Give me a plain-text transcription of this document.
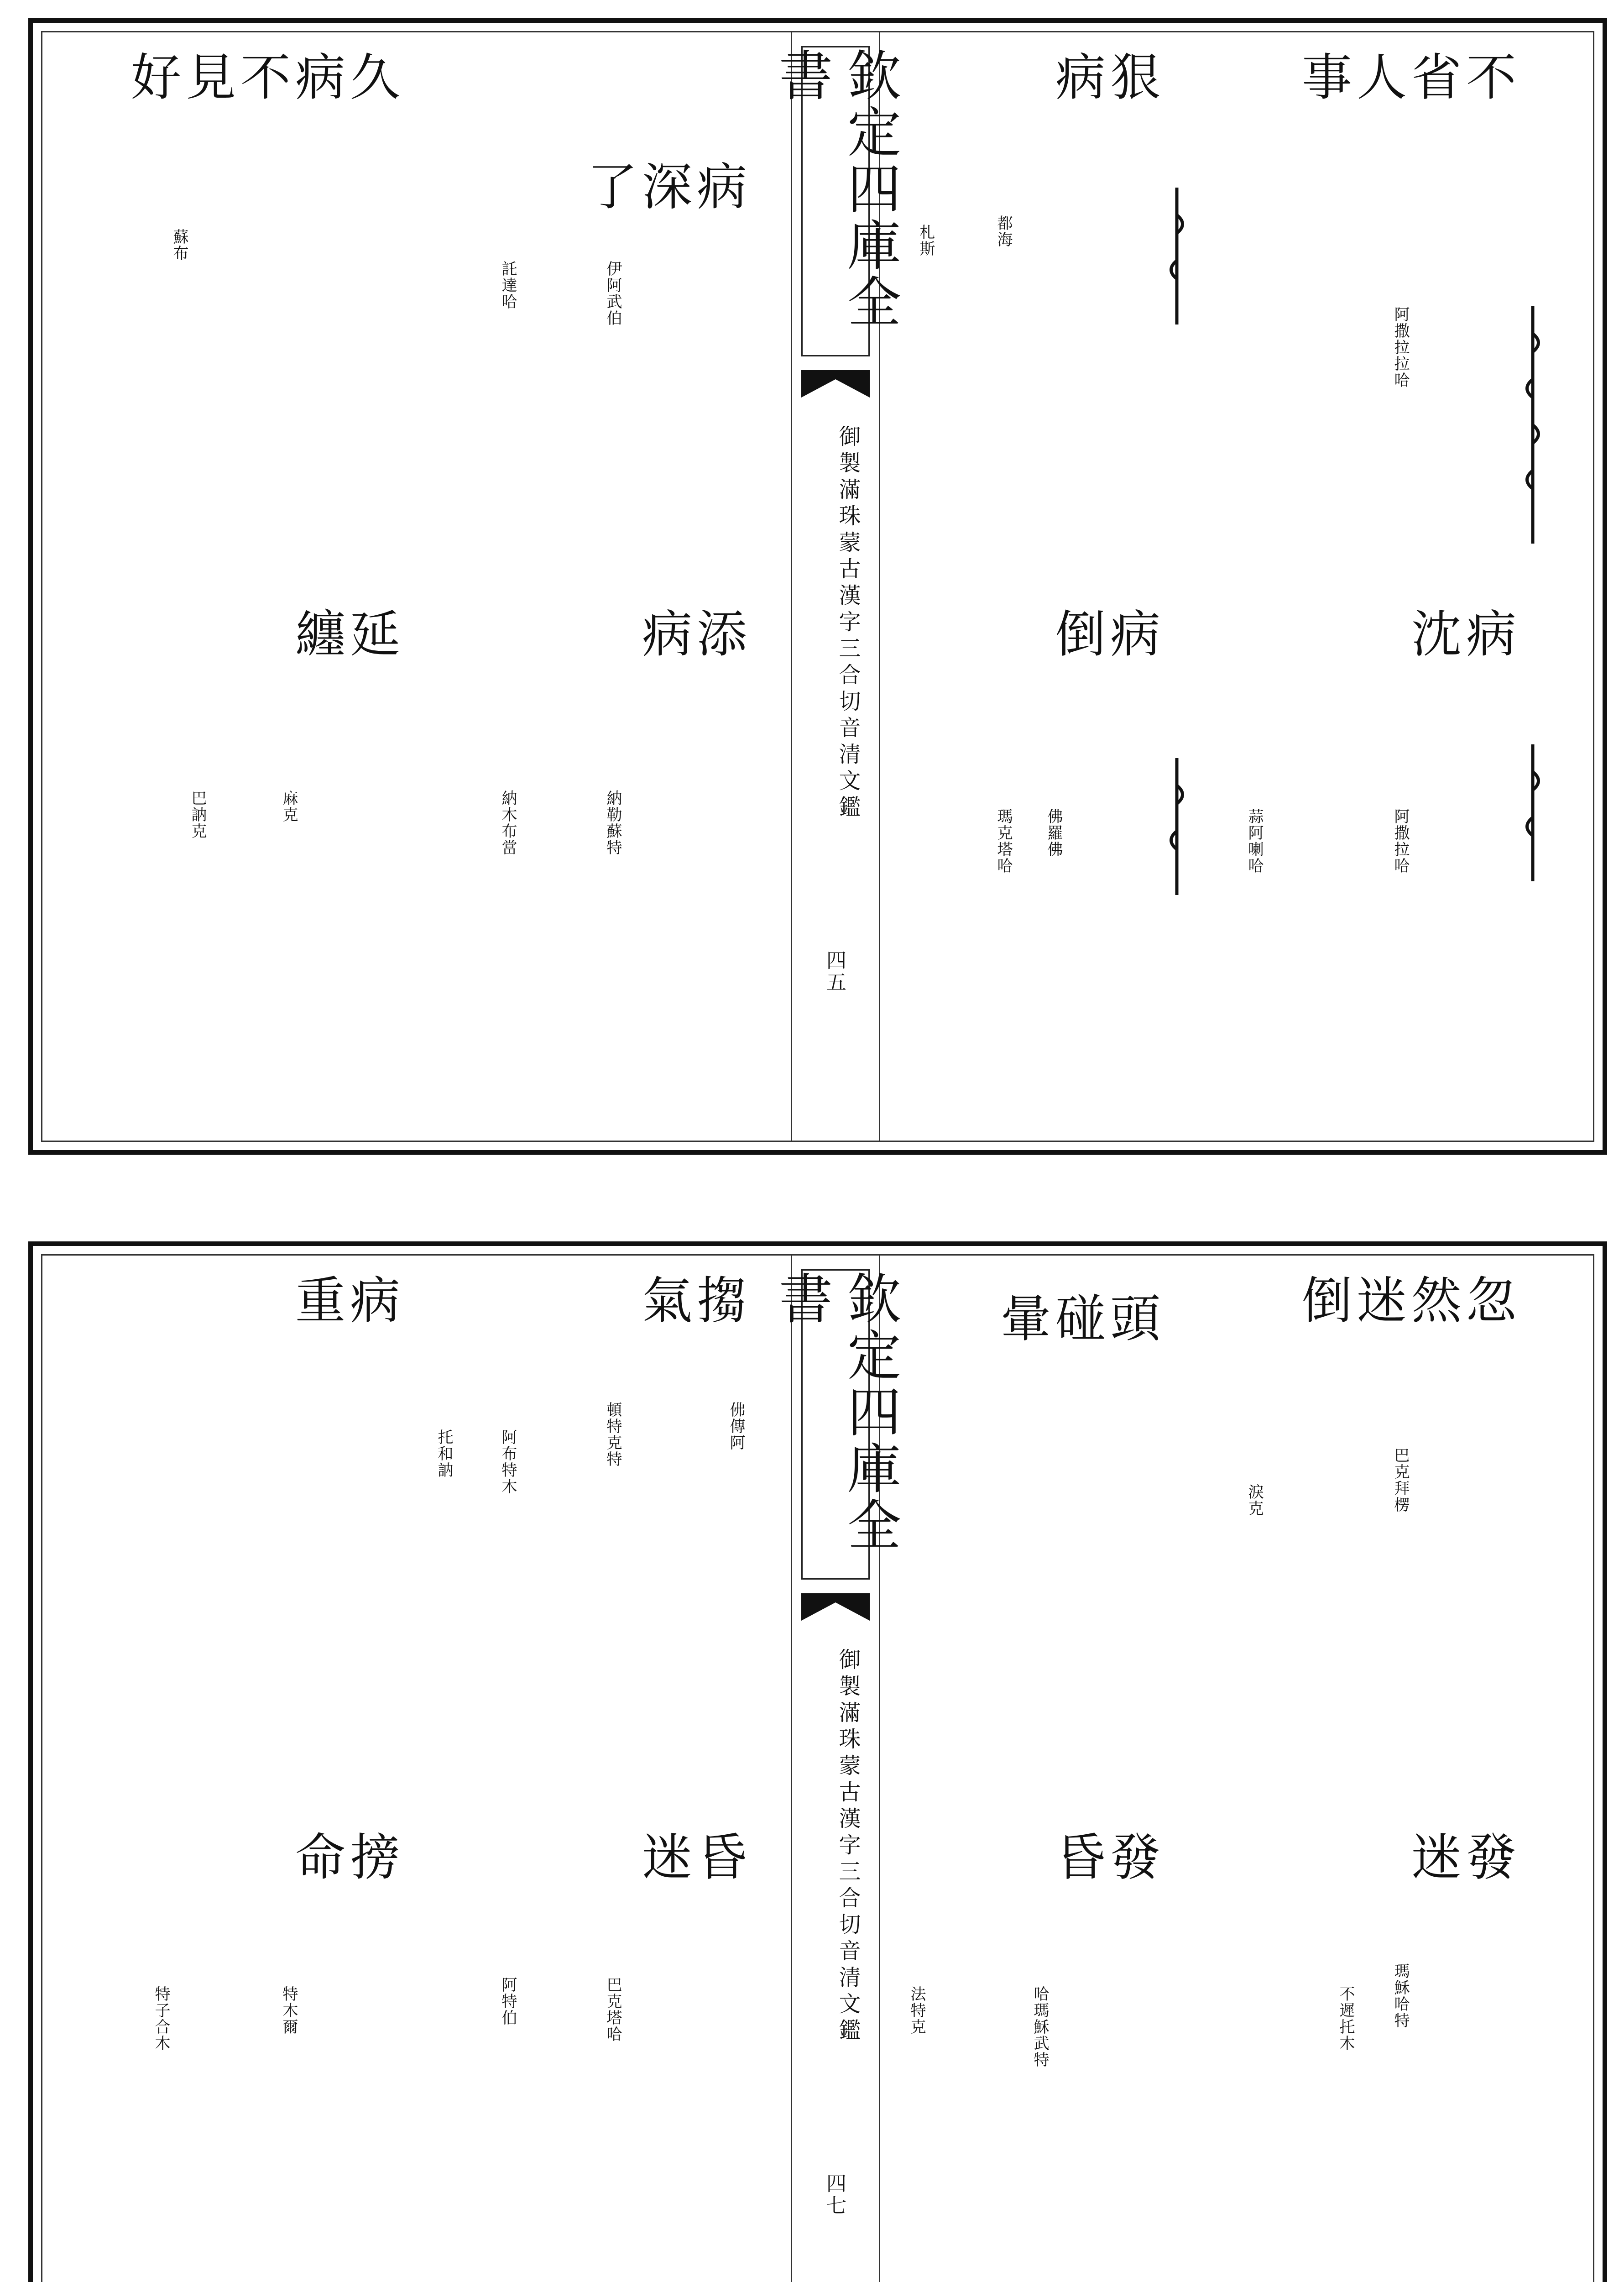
不省人事
病沈
狠病
病倒
阿撒拉拉哈
阿撒拉哈
蒜阿喇哈
佛羅佛
瑪克塔哈
都海
札斯
欽定四庫全書
御製滿珠蒙古漢字三合切音清文鑑
四五
病深了
添病
久病不見好
延纏
伊阿武伯
納勒蘇特
託達哈
納木布當
巴訥克	麻克
蘇布
忽然迷倒
發迷
頭碰暈
發昏
巴克拜楞
瑪穌哈特
不遲托木
淚克
哈瑪穌武特
法特克
欽定四庫全書
御製滿珠蒙古漢字三合切音清文鑑
四七
搊氣
昏迷
病重
搒命
頓特克特	佛傳阿
托和訥	阿布特木
巴克塔哈
阿特伯
特木爾
特子合木
